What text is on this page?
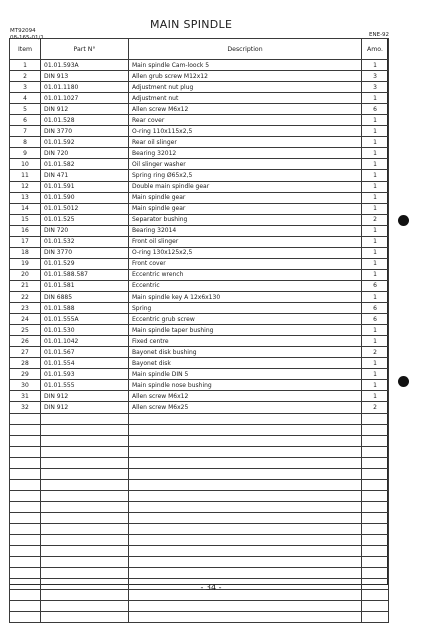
MAIN SPINDLE
MT92094
08-165-01/1	ENE-92
Item	Part N°	Description	Amo.
1	01.01.593A	Main spindle Cam-loock 5	1
2	DIN 913	Allen grub screw M12x12	3
3	01.01.1180	Adjustment nut plug	3
4	01.01.1027	Adjustment nut	1
5	DIN 912	Allen screw M6x12	6
6	01.01.528	Rear cover	1
7	DIN 3770	O-ring 110x115x2,5	1
8	01.01.592	Rear oil slinger	1
9	DIN 720	Bearing 32012	1
10	01.01.582	Oil slinger washer	1
11	DIN 471	Spring ring Ø65x2,5	1
12	01.01.591	Double main spindle gear	1
13	01.01.590	Main spindle gear	1
14	01.01.5012	Main spindle gear	1
15	01.01.525	Separator bushing	2
16	DIN 720	Bearing 32014	1
17	01.01.532	Front oil slinger	1
18	DIN 3770	O-ring 130x125x2,5	1
19	01.01.529	Front cover	1
20	01.01.588.587	Eccentric wrench	1
21	01.01.581	Eccentric	6
22	DIN 6885	Main spindle key A 12x6x130	1
23	01.01.588	Spring	6
24	01.01.555A	Eccentric grub screw	6
25	01.01.530	Main spindle taper bushing	1
26	01.01.1042	Fixed centre	1
27	01.01.567	Bayonet disk bushing	2
28	01.01.554	Bayonet disk	1
29	01.01.593	Main spindle DIN 5	1
30	01.01.555	Main spindle nose bushing	1
31	DIN 912	Allen screw M6x12	1
32	DIN 912	Allen screw M6x25	2

- 34 -
